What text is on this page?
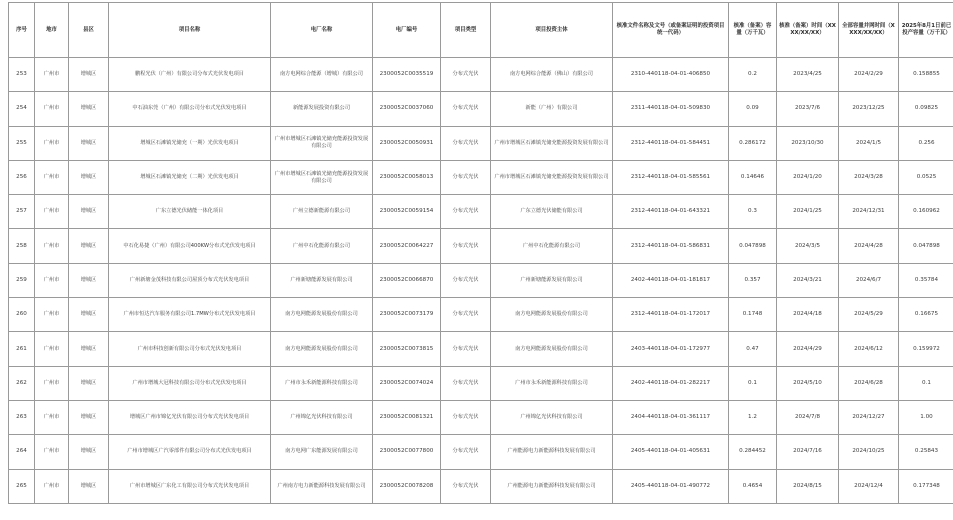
序号	地市	县区	项目名称	电厂名称	电厂编号	项目类型	项目投资主体	核准文件名称及文号（或备案证明的投资项目统一代码）	核准（备案）容量（万千瓦）	核准（备案）时间（XXXX/XX/XX）	全部容量并网时间（XXXX/XX/XX）	2025年8月1日前已投产容量（万千瓦）
253	广州市	增城区	鹏程光伏（广州）有限公司分布式光伏发电项目	南方电网综合能源（增城）有限公司	2300052C0035519	分布式光伏	南方电网综合能源（佛山）有限公司	2310-440118-04-01-406850	0.2	2023/4/25	2024/2/29	0.158855
254	广州市	增城区	中石油东莞（广州）有限公司分布式光伏发电项目	新能源发展投资有限公司	2300052C0037060	分布式光伏	新能（广州）有限公司	2311-440118-04-01-509830	0.09	2023/7/6	2023/12/25	0.09825
255	广州市	增城区	增城区石滩镇光储充（一期）光伏发电项目	广州市增城区石滩镇光储充能源投资发展有限公司	2300052C0050931	分布式光伏	广州市增城区石滩镇光储充能源投资发展有限公司	2312-440118-04-01-584451	0.286172	2023/10/30	2024/1/5	0.256
256	广州市	增城区	增城区石滩镇光储充（二期）光伏发电项目	广州市增城区石滩镇光储充能源投资发展有限公司	2300052C0058013	分布式光伏	广州市增城区石滩镇光储充能源投资发展有限公司	2312-440118-04-01-585561	0.14646	2024/1/20	2024/3/28	0.0525
257	广州市	增城区	广东立德光伏储能一体化项目	广州立德新能源有限公司	2300052C0059154	分布式光伏	广东立德光伏储能有限公司	2312-440118-04-01-643321	0.3	2024/1/25	2024/12/31	0.160962
258	广州市	增城区	中石化易捷（广州）有限公司400KW分布式光伏发电项目	广州中石化能源有限公司	2300052C0064227	分布式光伏	广州中石化能源有限公司	2312-440118-04-01-586831	0.047898	2024/3/5	2024/4/28	0.047898
259	广州市	增城区	广州新塘金茂科技有限公司屋顶分布式光伏发电项目	广州新塘能源发展有限公司	2300052C0066870	分布式光伏	广州新塘能源发展有限公司	2402-440118-04-01-181817	0.357	2024/3/21	2024/6/7	0.35784
260	广州市	增城区	广州市恒达汽车服务有限公司1.7MW分布式光伏发电项目	南方电网能源发展股份有限公司	2300052C0073179	分布式光伏	南方电网能源发展股份有限公司	2312-440118-04-01-172017	0.1748	2024/4/18	2024/5/29	0.16675
261	广州市	增城区	广州市科技创新有限公司分布式光伏发电项目	南方电网能源发展股份有限公司	2300052C0073815	分布式光伏	南方电网能源发展股份有限公司	2403-440118-04-01-172977	0.47	2024/4/29	2024/6/12	0.159972
262	广州市	增城区	广州市增城大冠科技有限公司分布式光伏发电项目	广州市永禾新能源科技有限公司	2300052C0074024	分布式光伏	广州市永禾新能源科技有限公司	2402-440118-04-01-282217	0.1	2024/5/10	2024/6/28	0.1
263	广州市	增城区	增城区广州市锦亿光伏有限公司分布式光伏发电项目	广州锦亿光伏科技有限公司	2300052C0081321	分布式光伏	广州锦亿光伏科技有限公司	2404-440118-04-01-361117	1.2	2024/7/8	2024/12/27	1.00
264	广州市	增城区	广州市增城区广汽零部件有限公司分布式光伏发电项目	南方电网广东能源发展有限公司	2300052C0077800	分布式光伏	广州能源电力新能源科技发展有限公司	2405-440118-04-01-405631	0.284452	2024/7/16	2024/10/25	0.25843
265	广州市	增城区	广州市增城区广东化工有限公司分布式光伏发电项目	广州南方电力新能源科技发展有限公司	2300052C0078208	分布式光伏	广州能源电力新能源科技发展有限公司	2405-440118-04-01-490772	0.4654	2024/8/15	2024/12/4	0.177348
